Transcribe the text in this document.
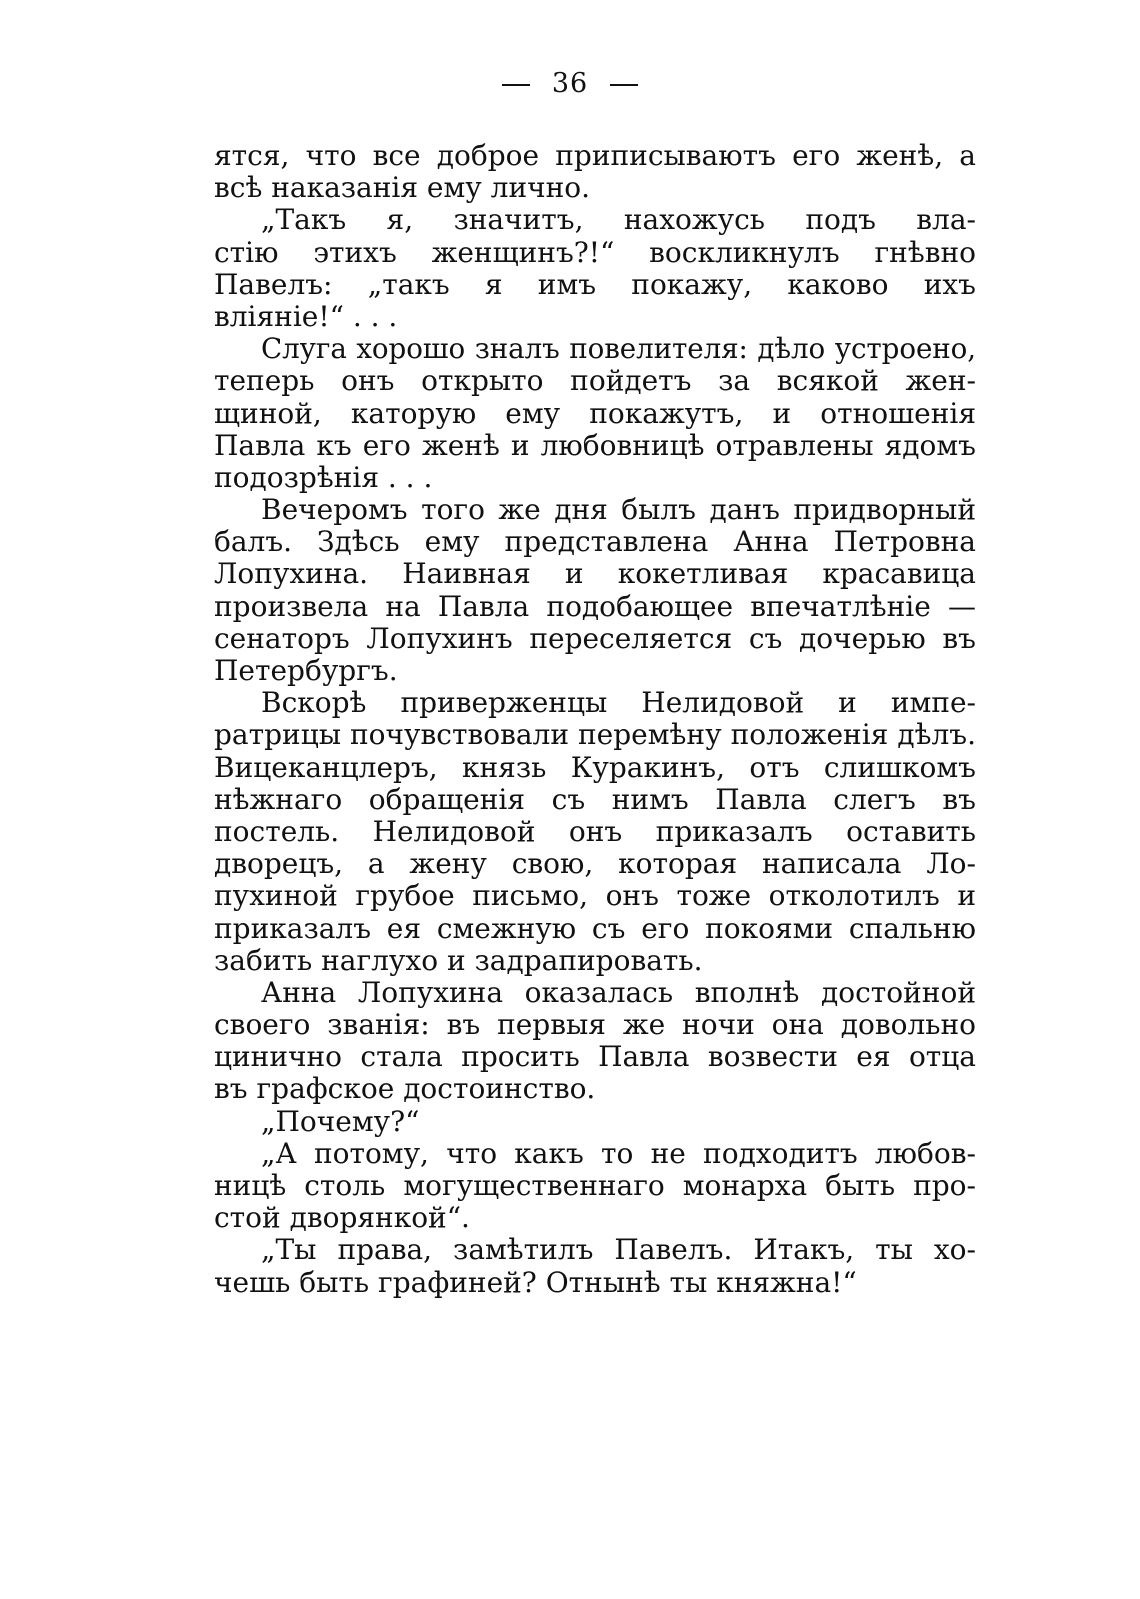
36
ятся, что все доброе приписываютъ его женѣ, а
всѣ наказанія ему лично.
„Такъ я, значитъ, нахожусь подъ вла-
стію этихъ женщинъ?!“ воскликнулъ гнѣвно
Павелъ: „такъ я имъ покажу, каково ихъ
вліяніе!“ . . .
Слуга хорошо зналъ повелителя: дѣло устроено,
теперь онъ открыто пойдетъ за всякой жен-
щиной, каторую ему покажутъ, и отношенія
Павла къ его женѣ и любовницѣ отравлены ядомъ
подозрѣнія . . .
Вечеромъ того же дня былъ данъ придворный
балъ. Здѣсь ему представлена Анна Петровна
Лопухина. Наивная и кокетливая красавица
произвела на Павла подобающее впечатлѣніе —
сенаторъ Лопухинъ переселяется съ дочерью въ
Петербургъ.
Вскорѣ приверженцы Нелидовой и импе-
ратрицы почувствовали перемѣну положенія дѣлъ.
Вицеканцлеръ, князь Куракинъ, отъ слишкомъ
нѣжнаго обращенія съ нимъ Павла слегъ въ
постель. Нелидовой онъ приказалъ оставить
дворецъ, а жену свою, которая написала Ло-
пухиной грубое письмо, онъ тоже отколотилъ и
приказалъ ея смежную съ его покоями спальню
забить наглухо и задрапировать.
Анна Лопухина оказалась вполнѣ достойной
своего званія: въ первыя же ночи она довольно
цинично стала просить Павла возвести ея отца
въ графское достоинство.
„Почему?“
„А потому, что какъ то не подходитъ любов-
ницѣ столь могущественнаго монарха быть про-
стой дворянкой“.
„Ты права, замѣтилъ Павелъ. Итакъ, ты хо-
чешь быть графиней? Отнынѣ ты княжна!“
